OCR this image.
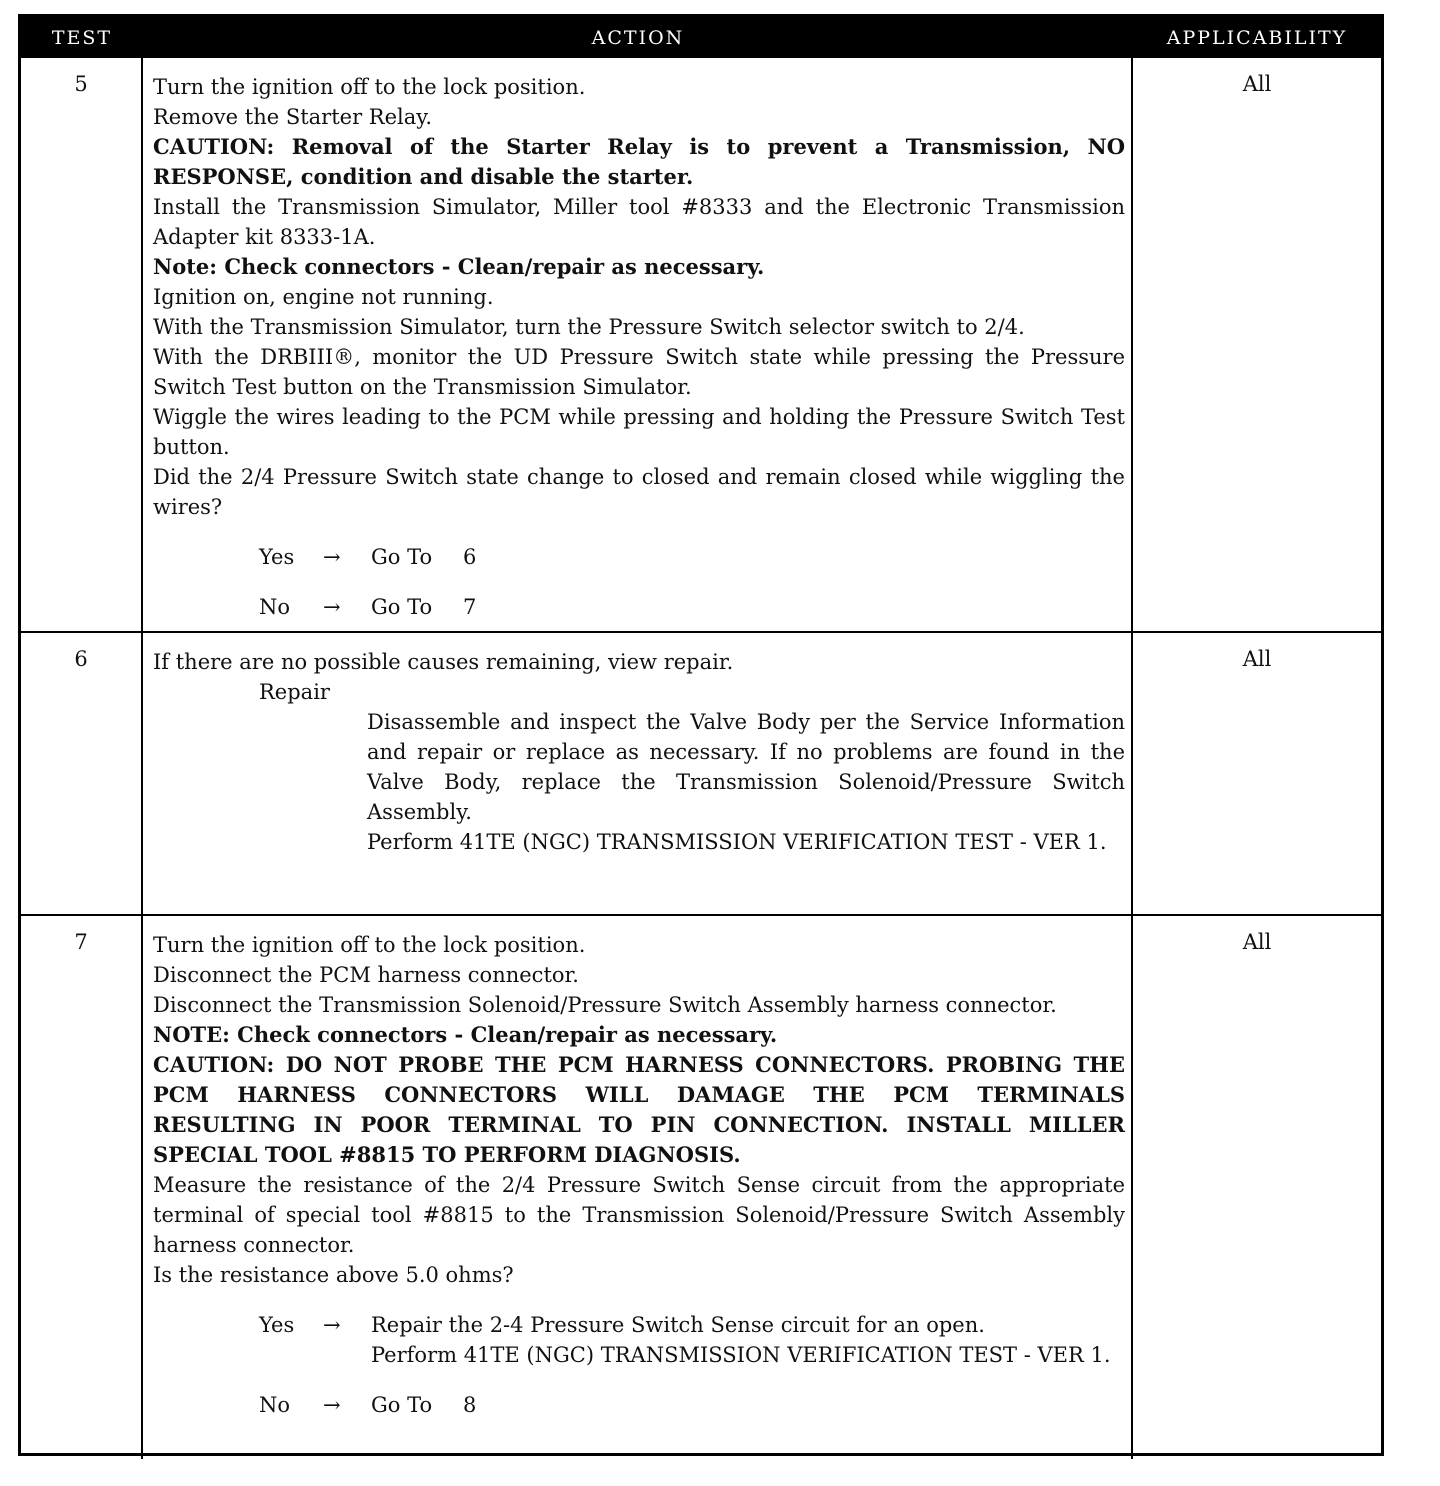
TEST	ACTION	APPLICABILITY
5	Turn the ignition off to the lock position.

Remove the Starter Relay.

CAUTION: Removal of the Starter Relay is to prevent a Transmission, NO RESPONSE, condition and disable the starter.

Install the Transmission Simulator, Miller tool #8333 and the Electronic Transmission Adapter kit 8333-1A.

Note: Check connectors - Clean/repair as necessary.

Ignition on, engine not running.

With the Transmission Simulator, turn the Pressure Switch selector switch to 2/4.

With the DRBIII®, monitor the UD Pressure Switch state while pressing the Pressure Switch Test button on the Transmission Simulator.

Wiggle the wires leading to the PCM while pressing and holding the Pressure Switch Test button.

Did the 2/4 Pressure Switch state change to closed and remain closed while wiggling the wires?

Yes → Go To 6
No → Go To 7
All
6	If there are no possible causes remaining, view repair.

Repair

Disassemble and inspect the Valve Body per the Service Information and repair or replace as necessary. If no problems are found in the Valve Body, replace the Transmission Solenoid/Pressure Switch Assembly.

Perform 41TE (NGC) TRANSMISSION VERIFICATION TEST - VER 1.

All
7	Turn the ignition off to the lock position.

Disconnect the PCM harness connector.

Disconnect the Transmission Solenoid/Pressure Switch Assembly harness connector.

NOTE: Check connectors - Clean/repair as necessary.

CAUTION: DO NOT PROBE THE PCM HARNESS CONNECTORS. PROBING THE PCM HARNESS CONNECTORS WILL DAMAGE THE PCM TERMINALS RESULTING IN POOR TERMINAL TO PIN CONNECTION. INSTALL MILLER SPECIAL TOOL #8815 TO PERFORM DIAGNOSIS.

Measure the resistance of the 2/4 Pressure Switch Sense circuit from the appropriate terminal of special tool #8815 to the Transmission Solenoid/Pressure Switch Assembly harness connector.

Is the resistance above 5.0 ohms?

Yes → Repair the 2-4 Pressure Switch Sense circuit for an open.

Perform 41TE (NGC) TRANSMISSION VERIFICATION TEST - VER 1.

No → Go To 8
All
